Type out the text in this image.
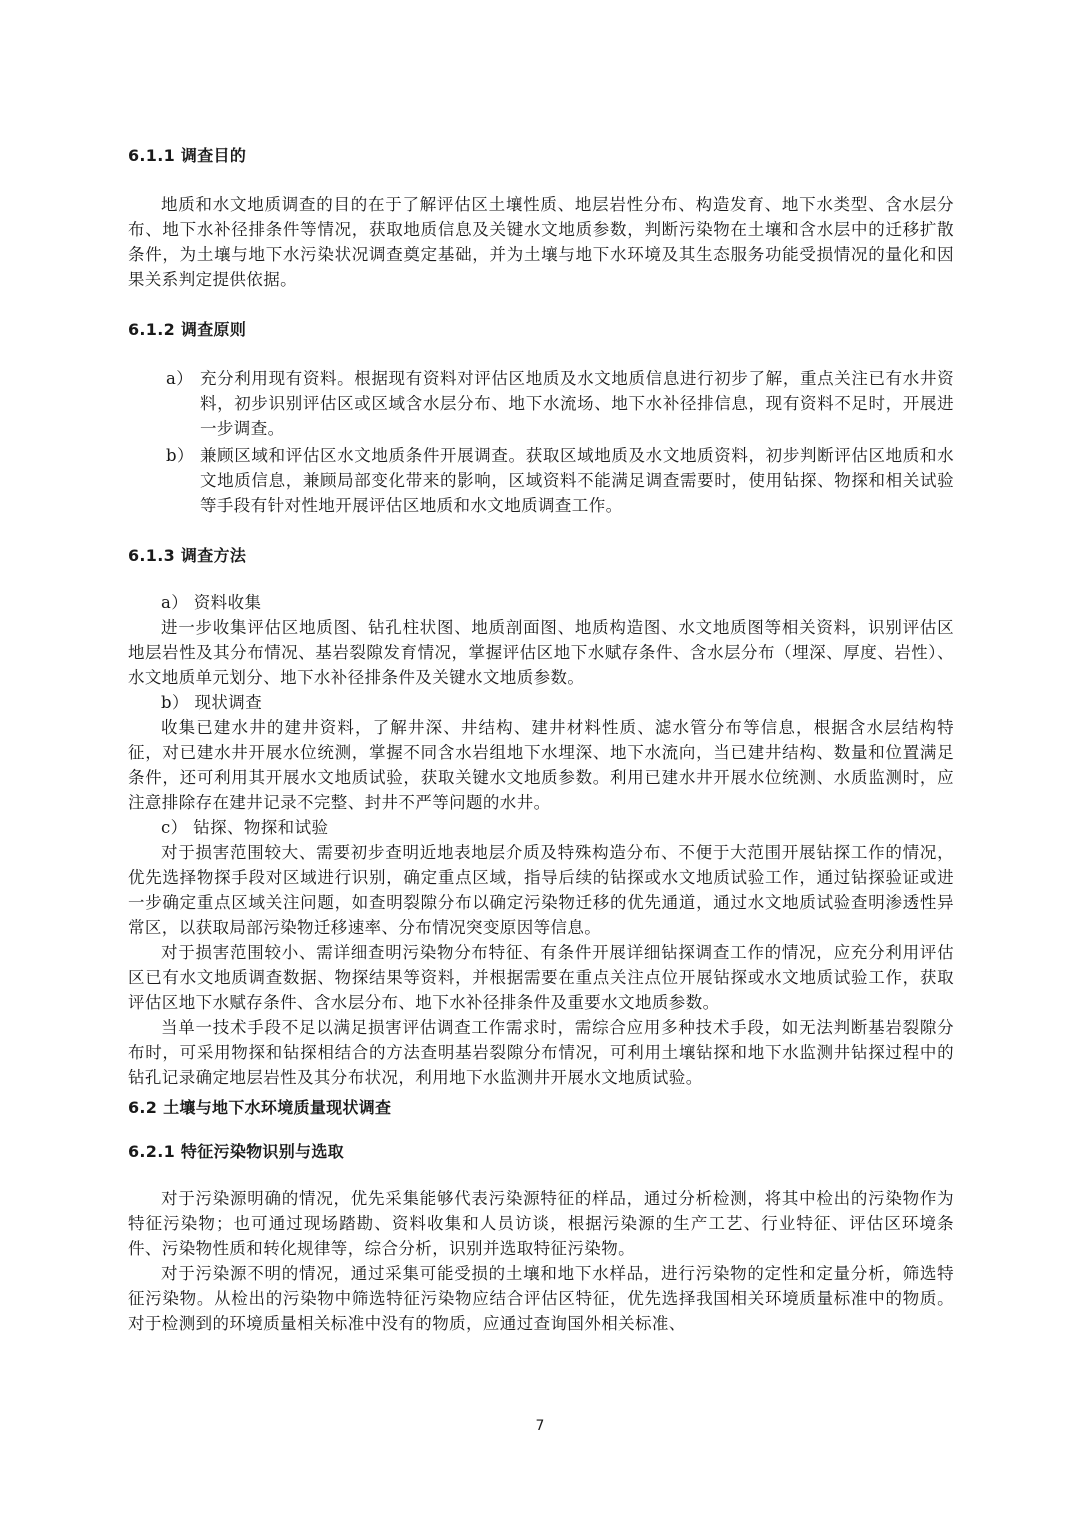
6.1.1 调查目的
地质和水文地质调查的目的在于了解评估区土壤性质、地层岩性分布、构造发育、地下水类型、含水层分布、地下水补径排条件等情况，获取地质信息及关键水文地质参数，判断污染物在土壤和含水层中的迁移扩散条件，为土壤与地下水污染状况调查奠定基础，并为土壤与地下水环境及其生态服务功能受损情况的量化和因果关系判定提供依据。
6.1.2 调查原则
a） 充分利用现有资料。根据现有资料对评估区地质及水文地质信息进行初步了解，重点关注已有水井资料，初步识别评估区或区域含水层分布、地下水流场、地下水补径排信息，现有资料不足时，开展进一步调查。
b） 兼顾区域和评估区水文地质条件开展调查。获取区域地质及水文地质资料，初步判断评估区地质和水文地质信息，兼顾局部变化带来的影响，区域资料不能满足调查需要时，使用钻探、物探和相关试验等手段有针对性地开展评估区地质和水文地质调查工作。
6.1.3 调查方法
a） 资料收集
进一步收集评估区地质图、钻孔柱状图、地质剖面图、地质构造图、水文地质图等相关资料，识别评估区地层岩性及其分布情况、基岩裂隙发育情况，掌握评估区地下水赋存条件、含水层分布（埋深、厚度、岩性）、水文地质单元划分、地下水补径排条件及关键水文地质参数。
b） 现状调查
收集已建水井的建井资料，了解井深、井结构、建井材料性质、滤水管分布等信息，根据含水层结构特征，对已建水井开展水位统测，掌握不同含水岩组地下水埋深、地下水流向，当已建井结构、数量和位置满足条件，还可利用其开展水文地质试验，获取关键水文地质参数。利用已建水井开展水位统测、水质监测时，应注意排除存在建井记录不完整、封井不严等问题的水井。
c） 钻探、物探和试验
对于损害范围较大、需要初步查明近地表地层介质及特殊构造分布、不便于大范围开展钻探工作的情况，优先选择物探手段对区域进行识别，确定重点区域，指导后续的钻探或水文地质试验工作，通过钻探验证或进一步确定重点区域关注问题，如查明裂隙分布以确定污染物迁移的优先通道，通过水文地质试验查明渗透性异常区，以获取局部污染物迁移速率、分布情况突变原因等信息。
对于损害范围较小、需详细查明污染物分布特征、有条件开展详细钻探调查工作的情况，应充分利用评估区已有水文地质调查数据、物探结果等资料，并根据需要在重点关注点位开展钻探或水文地质试验工作，获取评估区地下水赋存条件、含水层分布、地下水补径排条件及重要水文地质参数。
当单一技术手段不足以满足损害评估调查工作需求时，需综合应用多种技术手段，如无法判断基岩裂隙分布时，可采用物探和钻探相结合的方法查明基岩裂隙分布情况，可利用土壤钻探和地下水监测井钻探过程中的钻孔记录确定地层岩性及其分布状况，利用地下水监测井开展水文地质试验。
6.2 土壤与地下水环境质量现状调查
6.2.1 特征污染物识别与选取
对于污染源明确的情况，优先采集能够代表污染源特征的样品，通过分析检测，将其中检出的污染物作为特征污染物；也可通过现场踏勘、资料收集和人员访谈，根据污染源的生产工艺、行业特征、评估区环境条件、污染物性质和转化规律等，综合分析，识别并选取特征污染物。
对于污染源不明的情况，通过采集可能受损的土壤和地下水样品，进行污染物的定性和定量分析，筛选特征污染物。从检出的污染物中筛选特征污染物应结合评估区特征，优先选择我国相关环境质量标准中的物质。对于检测到的环境质量相关标准中没有的物质，应通过查询国外相关标准、
7
